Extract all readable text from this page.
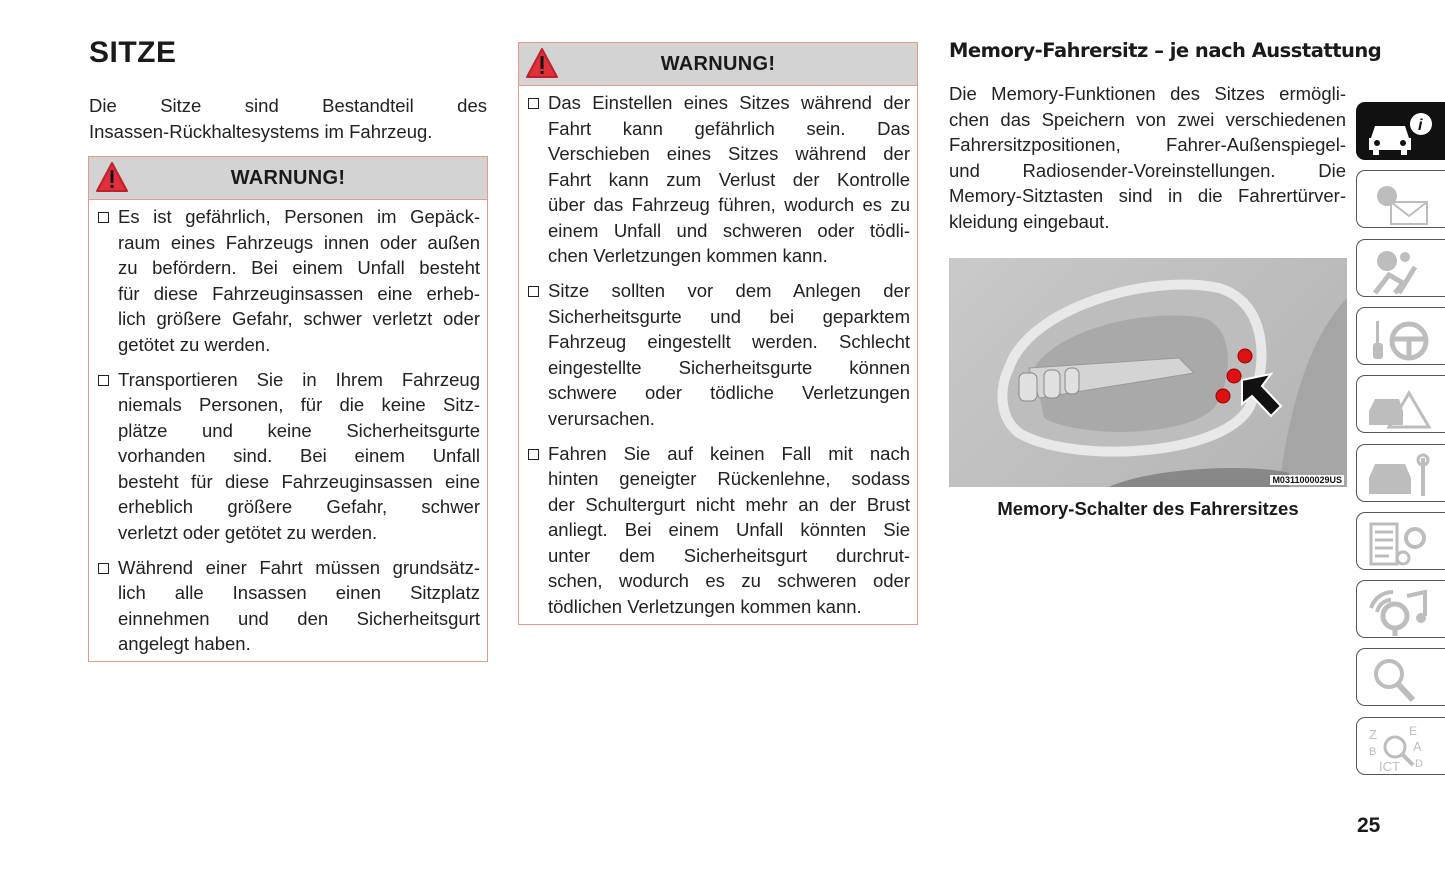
SITZE
Die Sitze sind Bestandteil des
Insassen-Rückhaltesystems im Fahrzeug.
WARNUNG!
Es ist gefährlich, Personen im Gepäck-
raum eines Fahrzeugs innen oder außen
zu befördern. Bei einem Unfall besteht
für diese Fahrzeuginsassen eine erheb-
lich größere Gefahr, schwer verletzt oder
getötet zu werden.
Transportieren Sie in Ihrem Fahrzeug
niemals Personen, für die keine Sitz-
plätze und keine Sicherheitsgurte
vorhanden sind. Bei einem Unfall
besteht für diese Fahrzeuginsassen eine
erheblich größere Gefahr, schwer
verletzt oder getötet zu werden.
Während einer Fahrt müssen grundsätz-
lich alle Insassen einen Sitzplatz
einnehmen und den Sicherheitsgurt
angelegt haben.
WARNUNG!
Das Einstellen eines Sitzes während der
Fahrt kann gefährlich sein. Das
Verschieben eines Sitzes während der
Fahrt kann zum Verlust der Kontrolle
über das Fahrzeug führen, wodurch es zu
einem Unfall und schweren oder tödli-
chen Verletzungen kommen kann.
Sitze sollten vor dem Anlegen der
Sicherheitsgurte und bei geparktem
Fahrzeug eingestellt werden. Schlecht
eingestellte Sicherheitsgurte können
schwere oder tödliche Verletzungen
verursachen.
Fahren Sie auf keinen Fall mit nach
hinten geneigter Rückenlehne, sodass
der Schultergurt nicht mehr an der Brust
anliegt. Bei einem Unfall könnten Sie
unter dem Sicherheitsgurt durchrut-
schen, wodurch es zu schweren oder
tödlichen Verletzungen kommen kann.
Memory-Fahrersitz – je nach Ausstattung
Die Memory-Funktionen des Sitzes ermögli-
chen das Speichern von zwei verschiedenen
Fahrersitzpositionen, Fahrer-Außenspiegel-
und Radiosender-Voreinstellungen. Die
Memory-Sitztasten sind in die Fahrertürver-
kleidung eingebaut.
M0311000029US
Memory-Schalter des Fahrersitzes
i
Z	E
B	A
ICT D
25
